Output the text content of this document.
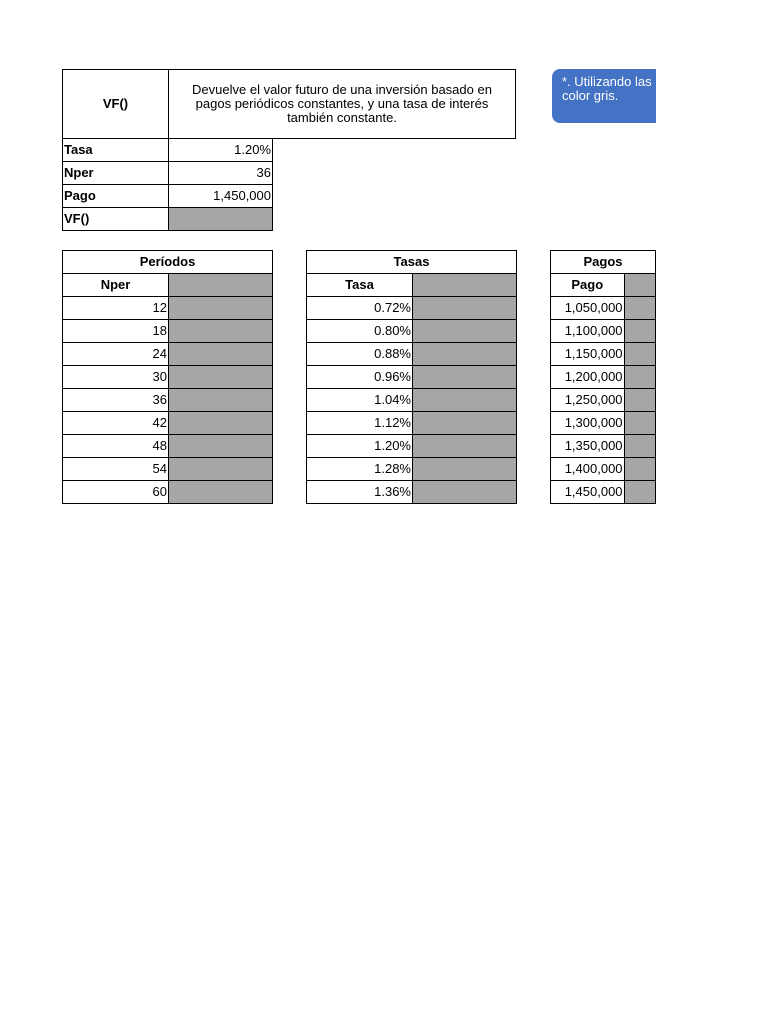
VF()	Devuelve el valor futuro de una inversión basado en pagos periódicos constantes, y una tasa de interés también constante.	
Tasa	1.20%	
Nper	36	
Pago	1,450,000	
VF()		
*. Utilizando las
color gris.
Períodos	
Nper	
12	
18	
24	
30	
36	
42	
48	
54	
60	
Tasas	
Tasa	
0.72%	
0.80%	
0.88%	
0.96%	
1.04%	
1.12%	
1.20%	
1.28%	
1.36%	
Pagos	
Pago	
1,050,000	
1,100,000	
1,150,000	
1,200,000	
1,250,000	
1,300,000	
1,350,000	
1,400,000	
1,450,000	
